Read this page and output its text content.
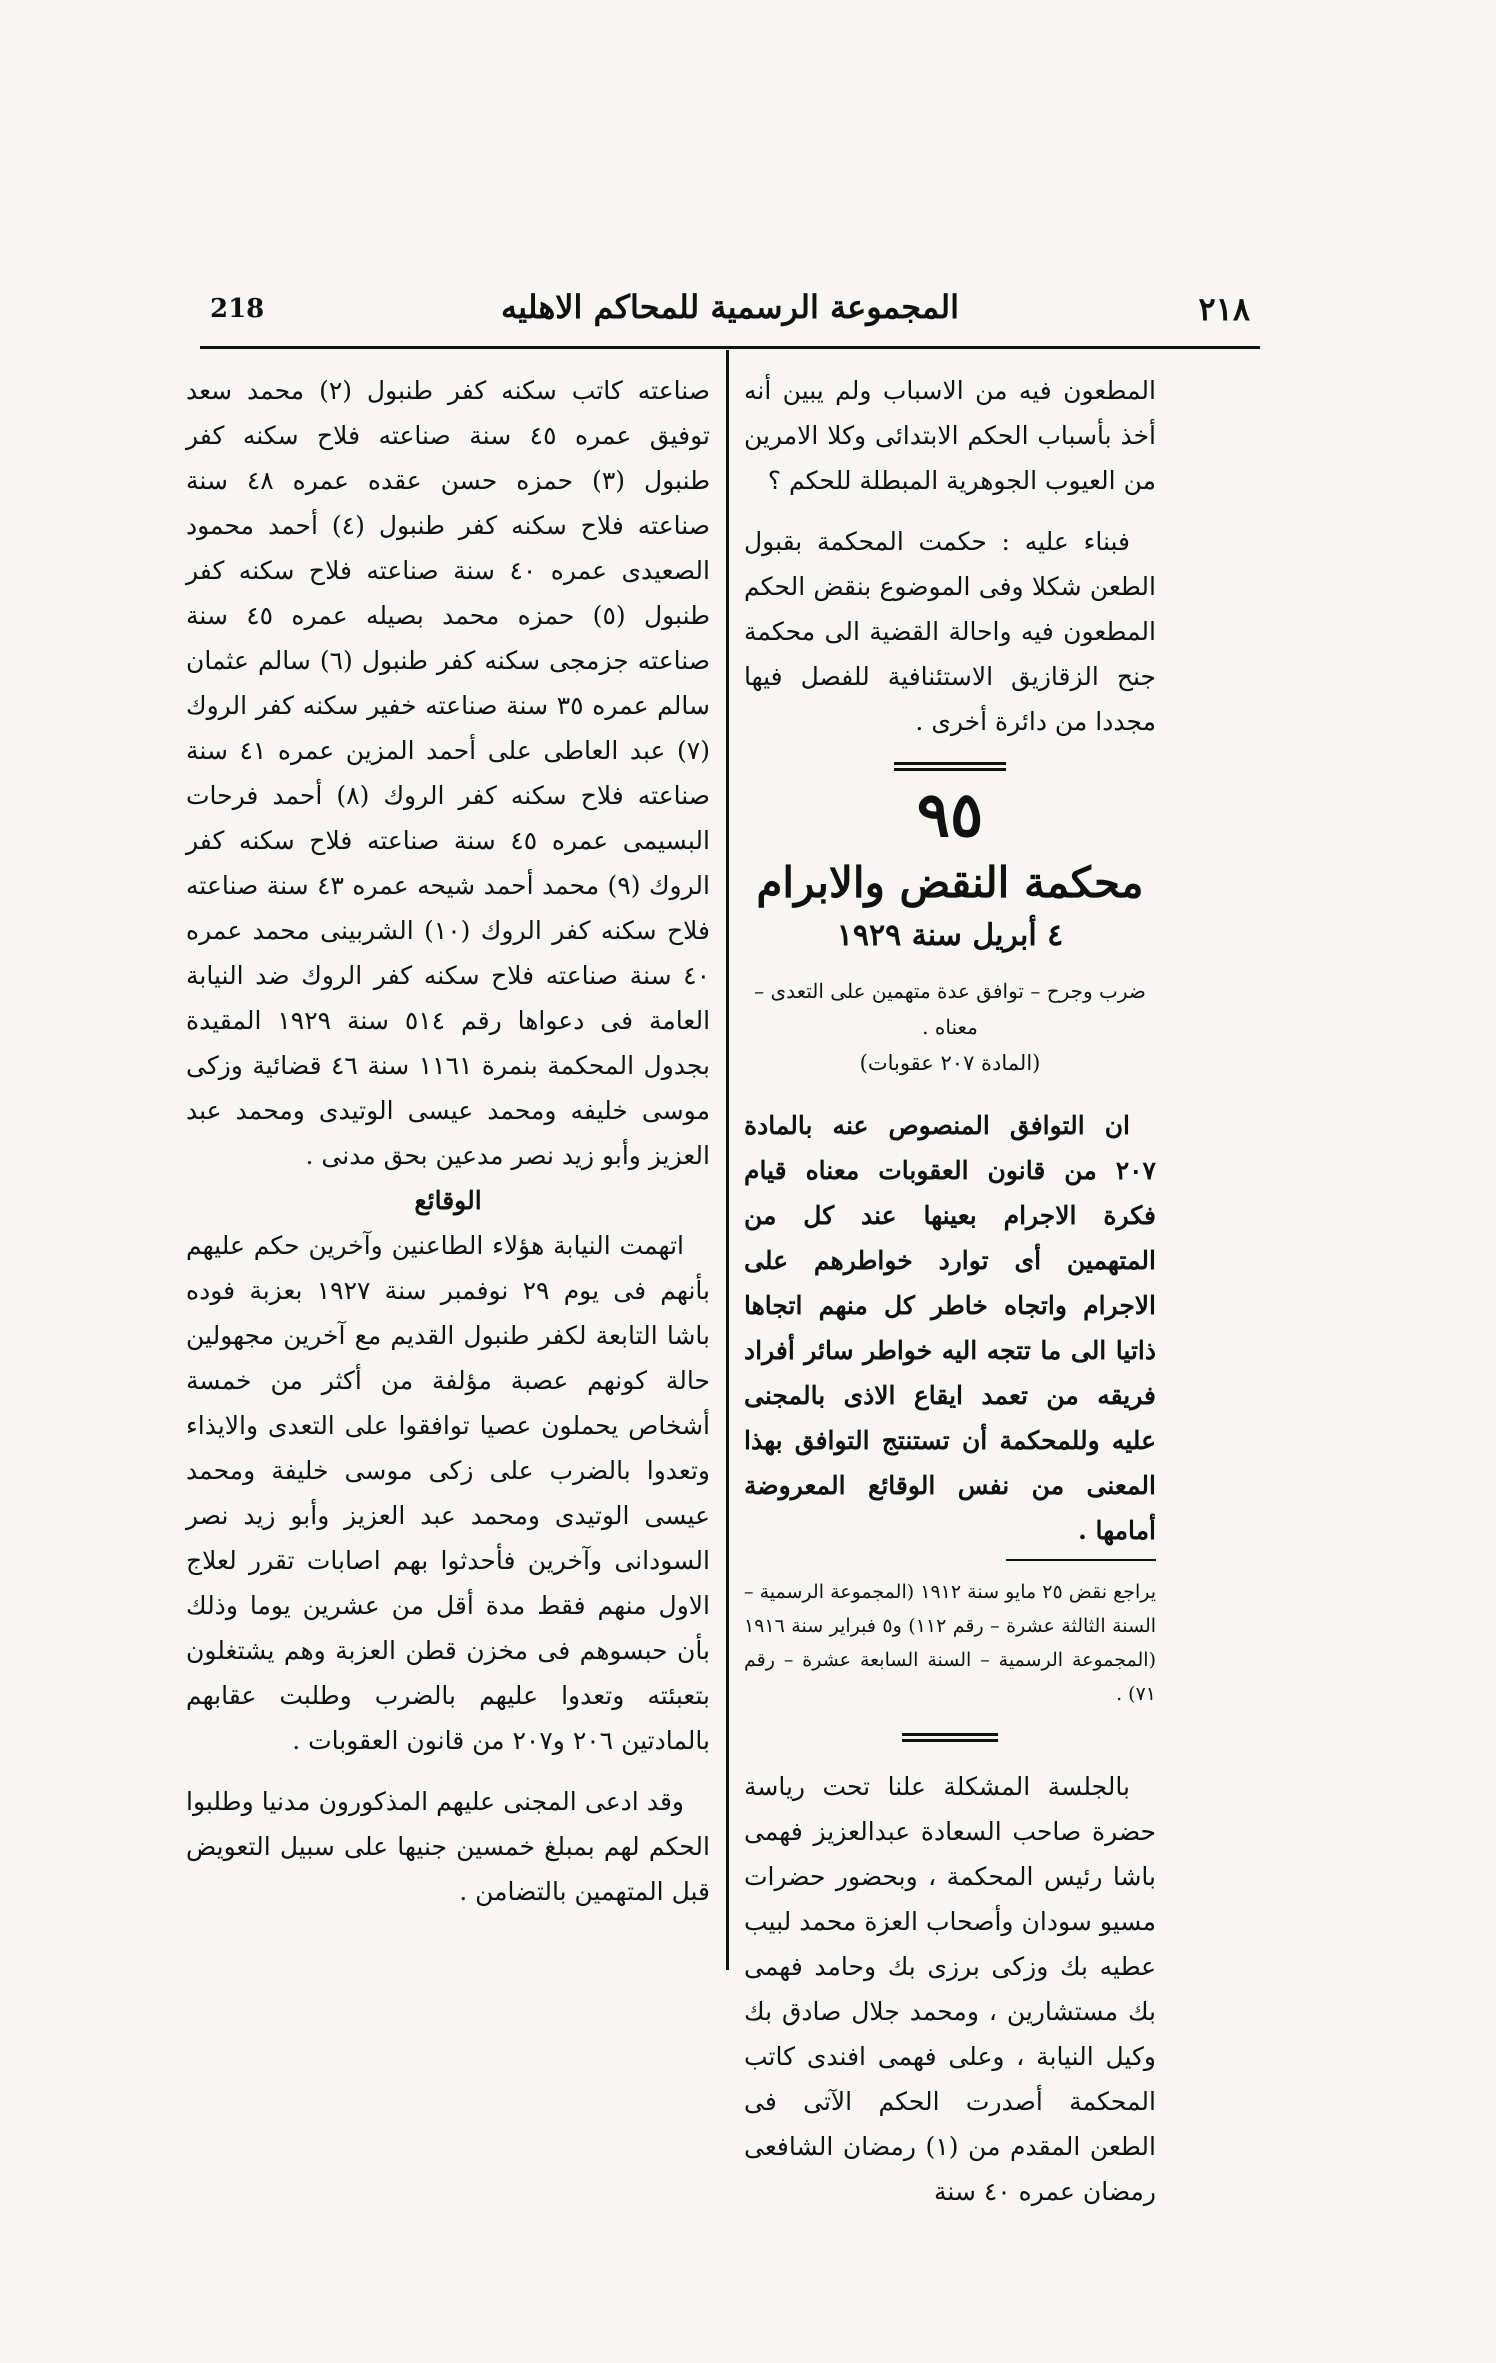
218	المجموعة الرسمية للمحاكم الاهليه	٢١٨

المطعون فيه من الاسباب ولم يبين أنه أخذ بأسباب الحكم الابتدائى وكلا الامرين من العيوب الجوهرية المبطلة للحكم ؟

فبناء عليه : حكمت المحكمة بقبول الطعن شكلا وفى الموضوع بنقض الحكم المطعون فيه واحالة القضية الى محكمة جنح الزقازيق الاستئنافية للفصل فيها مجددا من دائرة أخرى .

٩٥

محكمة النقض والابرام

٤ أبريل سنة ١٩٢٩

ضرب وجرح – توافق عدة متهمين على التعدى – معناه .

(المادة ٢٠٧ عقوبات)

ان التوافق المنصوص عنه بالمادة ٢٠٧ من قانون العقوبات معناه قيام فكرة الاجرام بعينها عند كل من المتهمين أى توارد خواطرهم على الاجرام واتجاه خاطر كل منهم اتجاها ذاتيا الى ما تتجه اليه خواطر سائر أفراد فريقه من تعمد ايقاع الاذى بالمجنى عليه وللمحكمة أن تستنتج التوافق بهذا المعنى من نفس الوقائع المعروضة أمامها .

يراجع نقض ٢٥ مايو سنة ١٩١٢ (المجموعة الرسمية – السنة الثالثة عشرة – رقم ١١٢) و٥ فبراير سنة ١٩١٦ (المجموعة الرسمية – السنة السابعة عشرة – رقم ٧١) .

بالجلسة المشكلة علنا تحت رياسة حضرة صاحب السعادة عبدالعزيز فهمى باشا رئيس المحكمة ، وبحضور حضرات مسيو سودان وأصحاب العزة محمد لبيب عطيه بك وزكى برزى بك وحامد فهمى بك مستشارين ، ومحمد جلال صادق بك وكيل النيابة ، وعلى فهمى افندى كاتب المحكمة أصدرت الحكم الآتى فى الطعن المقدم من (١) رمضان الشافعى رمضان عمره ٤٠ سنة

صناعته كاتب سكنه كفر طنبول (٢) محمد سعد توفيق عمره ٤٥ سنة صناعته فلاح سكنه كفر طنبول (٣) حمزه حسن عقده عمره ٤٨ سنة صناعته فلاح سكنه كفر طنبول (٤) أحمد محمود الصعيدى عمره ٤٠ سنة صناعته فلاح سكنه كفر طنبول (٥) حمزه محمد بصيله عمره ٤٥ سنة صناعته جزمجى سكنه كفر طنبول (٦) سالم عثمان سالم عمره ٣٥ سنة صناعته خفير سكنه كفر الروك (٧) عبد العاطى على أحمد المزين عمره ٤١ سنة صناعته فلاح سكنه كفر الروك (٨) أحمد فرحات البسيمى عمره ٤٥ سنة صناعته فلاح سكنه كفر الروك (٩) محمد أحمد شيحه عمره ٤٣ سنة صناعته فلاح سكنه كفر الروك (١٠) الشربينى محمد عمره ٤٠ سنة صناعته فلاح سكنه كفر الروك ضد النيابة العامة فى دعواها رقم ٥١٤ سنة ١٩٢٩ المقيدة بجدول المحكمة بنمرة ١١٦١ سنة ٤٦ قضائية وزكى موسى خليفه ومحمد عيسى الوتيدى ومحمد عبد العزيز وأبو زيد نصر مدعين بحق مدنى .

الوقائع

اتهمت النيابة هؤلاء الطاعنين وآخرين حكم عليهم بأنهم فى يوم ٢٩ نوفمبر سنة ١٩٢٧ بعزبة فوده باشا التابعة لكفر طنبول القديم مع آخرين مجهولين حالة كونهم عصبة مؤلفة من أكثر من خمسة أشخاص يحملون عصيا توافقوا على التعدى والايذاء وتعدوا بالضرب على زكى موسى خليفة ومحمد عيسى الوتيدى ومحمد عبد العزيز وأبو زيد نصر السودانى وآخرين فأحدثوا بهم اصابات تقرر لعلاج الاول منهم فقط مدة أقل من عشرين يوما وذلك بأن حبسوهم فى مخزن قطن العزبة وهم يشتغلون بتعبئته وتعدوا عليهم بالضرب وطلبت عقابهم بالمادتين ٢٠٦ و٢٠٧ من قانون العقوبات .

وقد ادعى المجنى عليهم المذكورون مدنيا وطلبوا الحكم لهم بمبلغ خمسين جنيها على سبيل التعويض قبل المتهمين بالتضامن .
